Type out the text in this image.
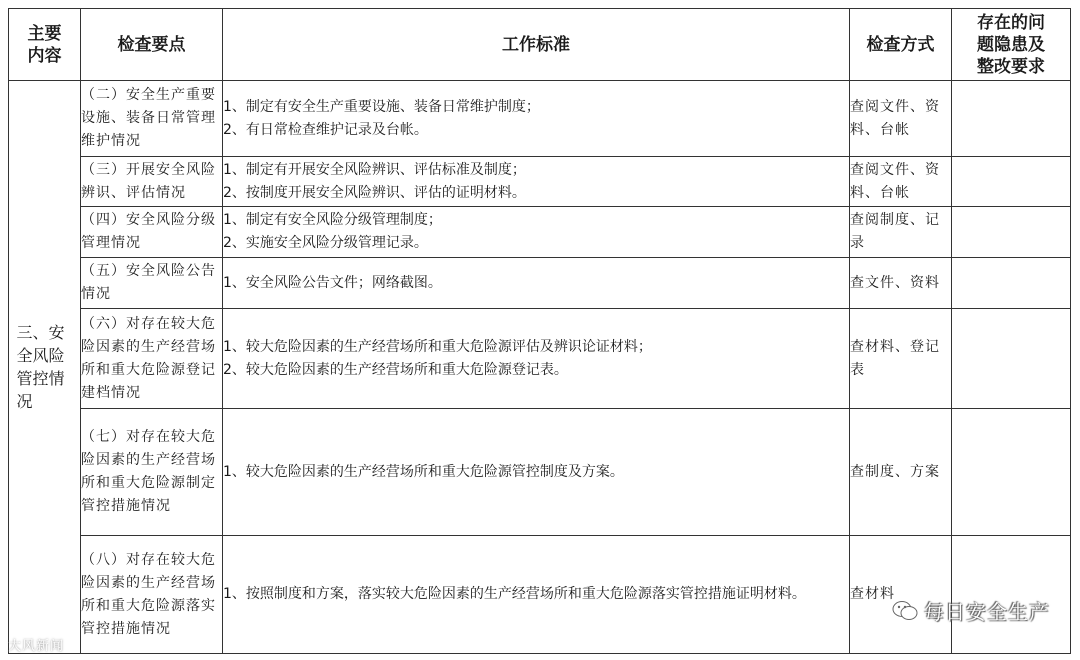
主要
内容	检查要点	工作标准	检查方式	存在的问
题隐患及
整改要求

三、安全风险管控情况	（二）安全生产重要设施、装备日常管理维护情况	1、制定有安全生产重要设施、装备日常维护制度；
2、有日常检查维护记录及台帐。	查阅文件、资料、台帐	

	（三）开展安全风险辨识、评估情况	1、制定有开展安全风险辨识、评估标准及制度；
2、按制度开展安全风险辨识、评估的证明材料。	查阅文件、资料、台帐	

	（四）安全风险分级管理情况	1、制定有安全风险分级管理制度；
2、实施安全风险分级管理记录。	查阅制度、记录	

	（五）安全风险公告情况	1、安全风险公告文件；网络截图。	查文件、资料	

	（六）对存在较大危险因素的生产经营场所和重大危险源登记建档情况	1、较大危险因素的生产经营场所和重大危险源评估及辨识论证材料；
2、较大危险因素的生产经营场所和重大危险源登记表。	查材料、登记表	

	（七）对存在较大危险因素的生产经营场所和重大危险源制定管控措施情况	1、较大危险因素的生产经营场所和重大危险源管控制度及方案。	查制度、方案	

	（八）对存在较大危险因素的生产经营场所和重大危险源落实管控措施情况	1、按照制度和方案，落实较大危险因素的生产经营场所和重大危险源落实管控措施证明材料。	查材料	

每日安全生产
大风新闻
